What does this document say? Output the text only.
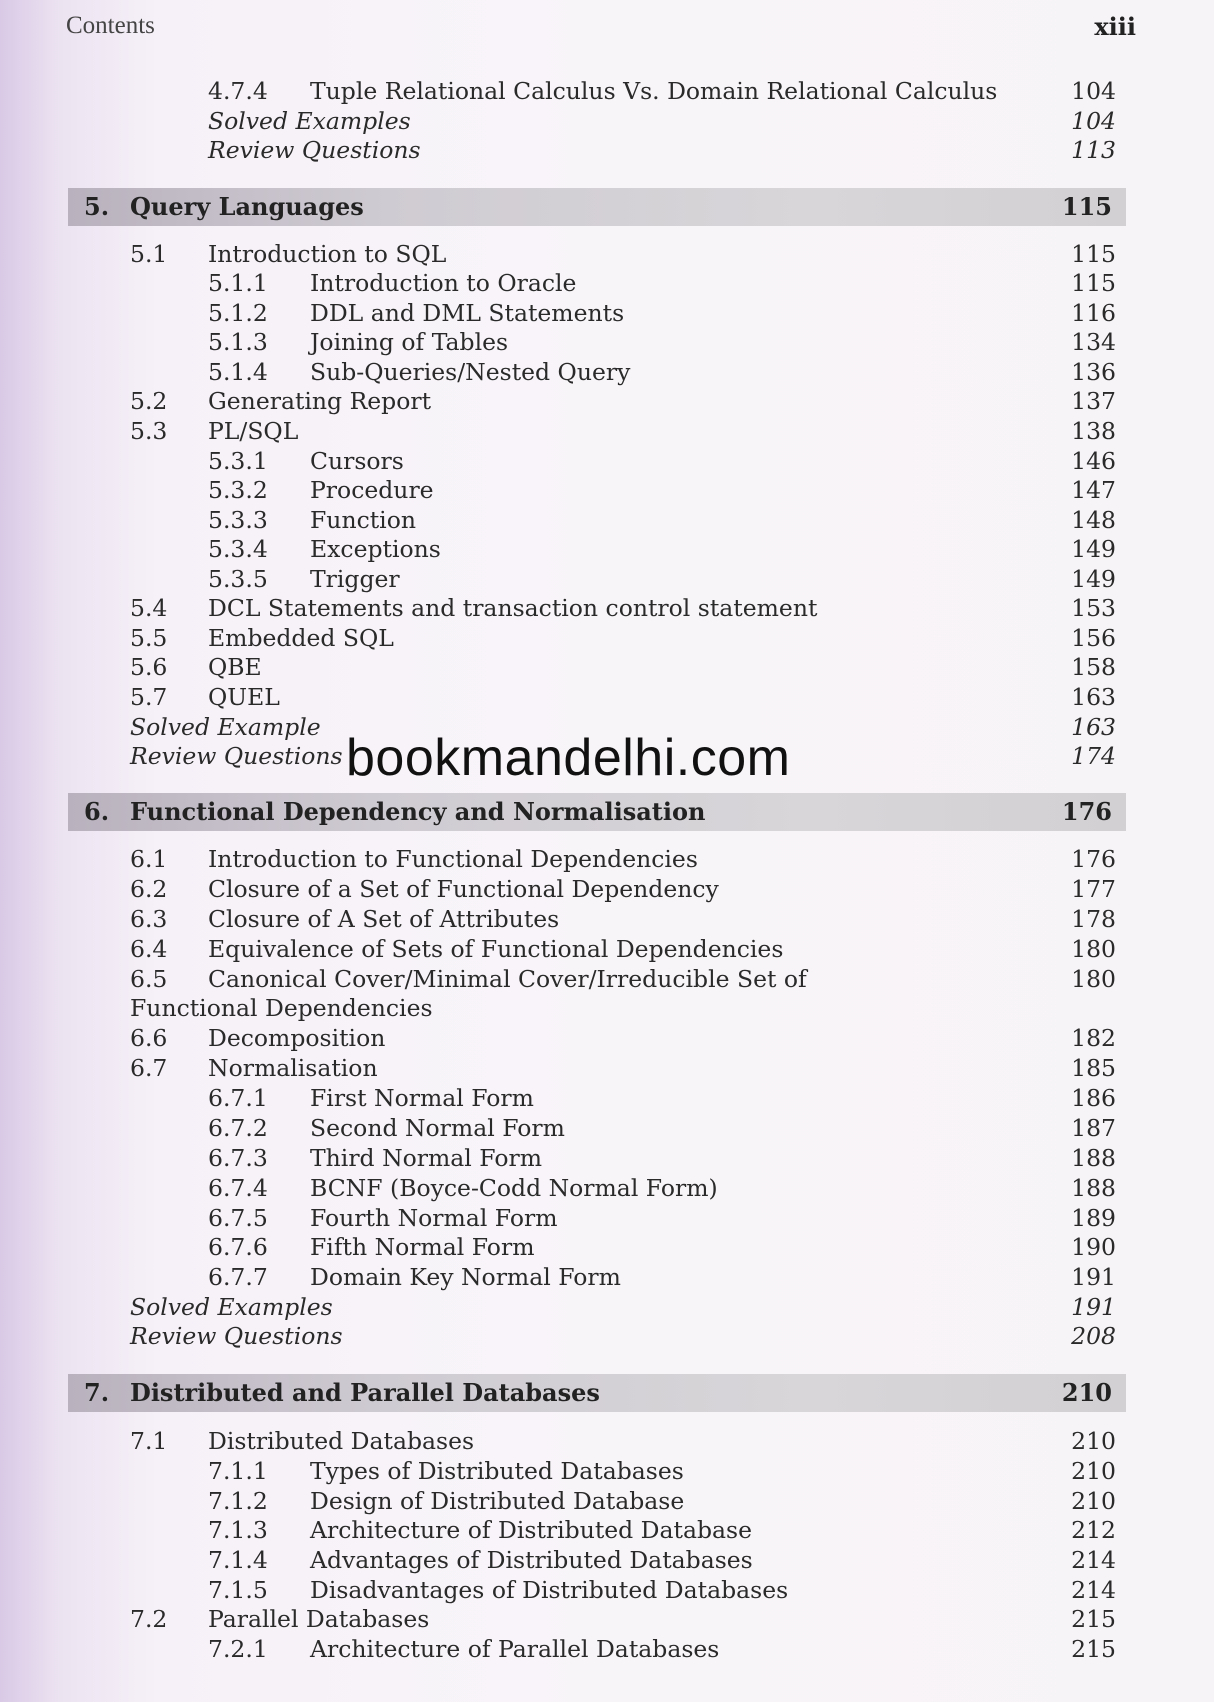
Contents	xiii
4.7.4 Tuple Relational Calculus Vs. Domain Relational Calculus	104
Solved Examples	104
Review Questions	113
5. Query Languages	115
5.1 Introduction to SQL	115
5.1.1 Introduction to Oracle	115
5.1.2 DDL and DML Statements	116
5.1.3 Joining of Tables	134
5.1.4 Sub-Queries/Nested Query	136
5.2 Generating Report	137
5.3 PL/SQL	138
5.3.1 Cursors	146
5.3.2 Procedure	147
5.3.3 Function	148
5.3.4 Exceptions	149
5.3.5 Trigger	149
5.4 DCL Statements and transaction control statement	153
5.5 Embedded SQL	156
5.6 QBE	158
5.7 QUEL	163
Solved Example	163
Review Questions	174
6. Functional Dependency and Normalisation	176
6.1 Introduction to Functional Dependencies	176
6.2 Closure of a Set of Functional Dependency	177
6.3 Closure of A Set of Attributes	178
6.4 Equivalence of Sets of Functional Dependencies	180
6.5 Canonical Cover/Minimal Cover/Irreducible Set of	180
Functional Dependencies
6.6 Decomposition	182
6.7 Normalisation	185
6.7.1 First Normal Form	186
6.7.2 Second Normal Form	187
6.7.3 Third Normal Form	188
6.7.4 BCNF (Boyce-Codd Normal Form)	188
6.7.5 Fourth Normal Form	189
6.7.6 Fifth Normal Form	190
6.7.7 Domain Key Normal Form	191
Solved Examples	191
Review Questions	208
7. Distributed and Parallel Databases	210
7.1 Distributed Databases	210
7.1.1 Types of Distributed Databases	210
7.1.2 Design of Distributed Database	210
7.1.3 Architecture of Distributed Database	212
7.1.4 Advantages of Distributed Databases	214
7.1.5 Disadvantages of Distributed Databases	214
7.2 Parallel Databases	215
7.2.1 Architecture of Parallel Databases	215
bookmandelhi.com
